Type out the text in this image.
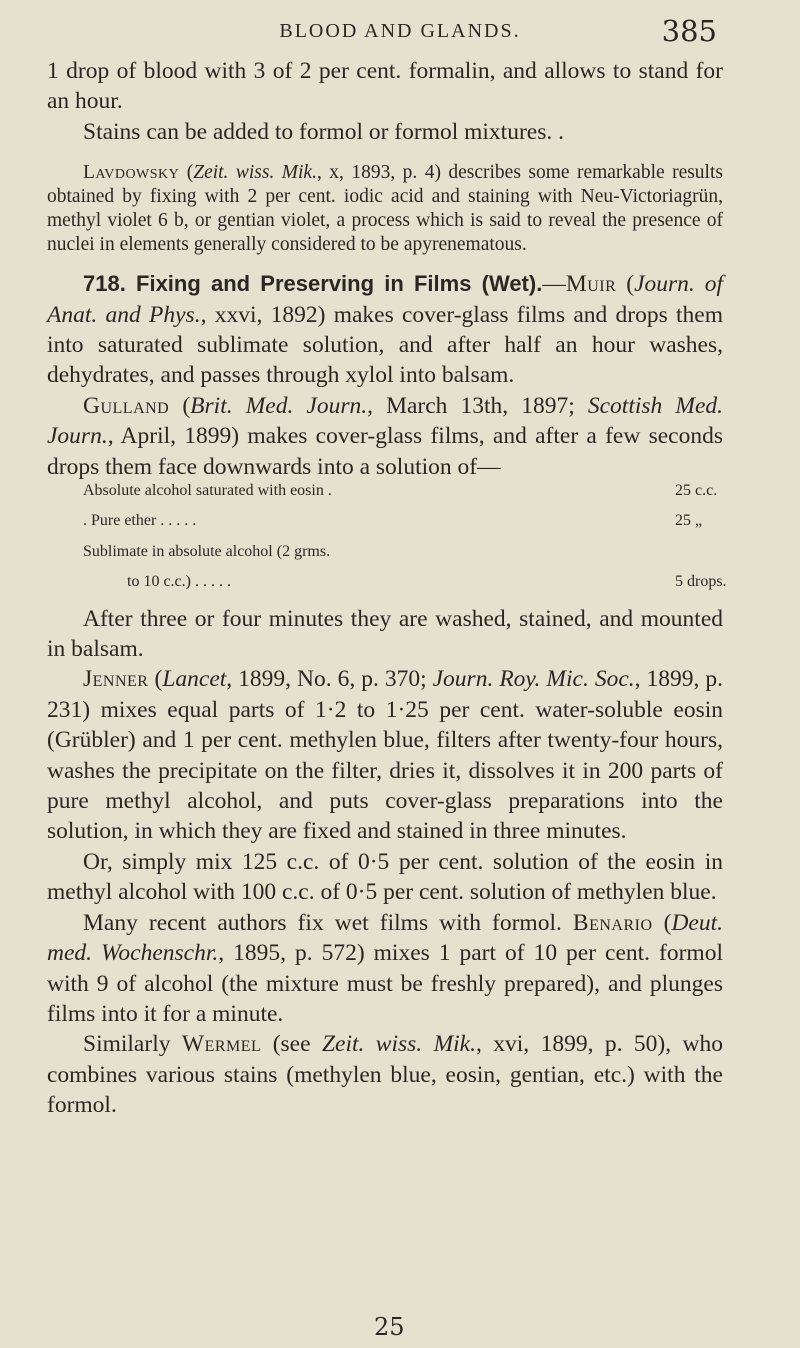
BLOOD AND GLANDS.	385

1 drop of blood with 3 of 2 per cent. formalin, and allows to stand for an hour.

Stains can be added to formol or formol mixtures. .

Lavdowsky (Zeit. wiss. Mik., x, 1893, p. 4) describes some remarkable results obtained by fixing with 2 per cent. iodic acid and staining with Neu-Victoriagrün, methyl violet 6 b, or gentian violet, a process which is said to reveal the presence of nuclei in elements generally considered to be apyrenematous.

718. Fixing and Preserving in Films (Wet).—Muir (Journ. of Anat. and Phys., xxvi, 1892) makes cover-glass films and drops them into saturated sublimate solution, and after half an hour washes, dehydrates, and passes through xylol into balsam.

Gulland (Brit. Med. Journ., March 13th, 1897; Scottish Med. Journ., April, 1899) makes cover-glass films, and after a few seconds drops them face downwards into a solution of—

Absolute alcohol saturated with eosin .	25 c.c.
. Pure ether . . . . .	25 „
Sublimate in absolute alcohol (2 grms.
to 10 c.c.) . . . . .	5 drops.

After three or four minutes they are washed, stained, and mounted in balsam.

Jenner (Lancet, 1899, No. 6, p. 370; Journ. Roy. Mic. Soc., 1899, p. 231) mixes equal parts of 1·2 to 1·25 per cent. water-soluble eosin (Grübler) and 1 per cent. methylen blue, filters after twenty-four hours, washes the precipitate on the filter, dries it, dissolves it in 200 parts of pure methyl alcohol, and puts cover-glass preparations into the solution, in which they are fixed and stained in three minutes.

Or, simply mix 125 c.c. of 0·5 per cent. solution of the eosin in methyl alcohol with 100 c.c. of 0·5 per cent. solution of methylen blue.

Many recent authors fix wet films with formol. Benario (Deut. med. Wochenschr., 1895, p. 572) mixes 1 part of 10 per cent. formol with 9 of alcohol (the mixture must be freshly prepared), and plunges films into it for a minute.

Similarly Wermel (see Zeit. wiss. Mik., xvi, 1899, p. 50), who combines various stains (methylen blue, eosin, gentian, etc.) with the formol.

25
